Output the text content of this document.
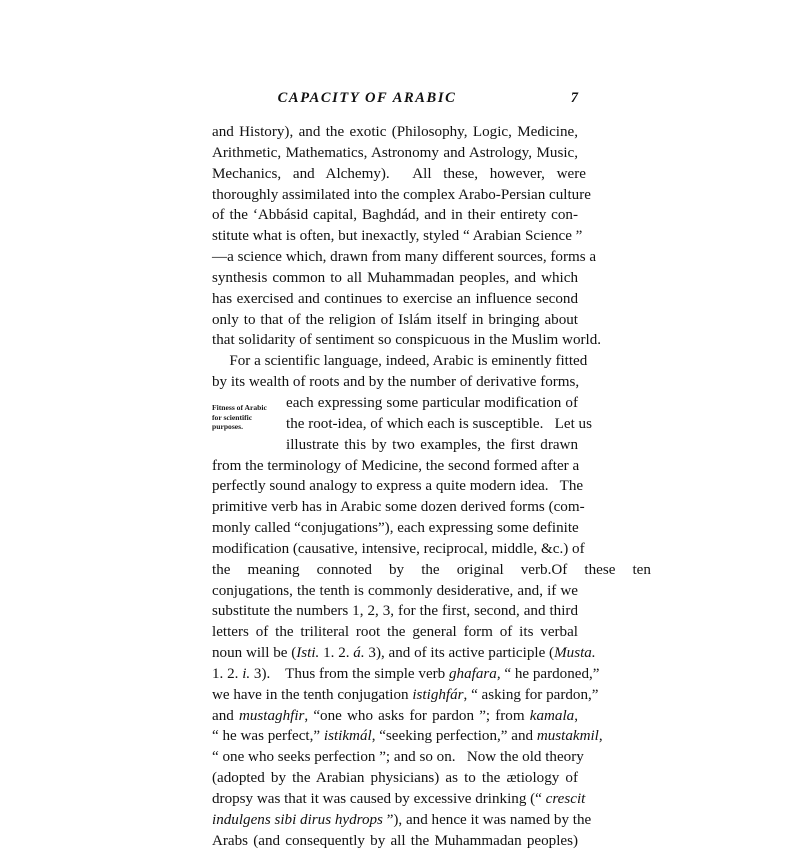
CAPACITY OF ARABIC	7

and History), and the exotic (Philosophy, Logic, Medicine,
Arithmetic, Mathematics, Astronomy and Astrology, Music,
Mechanics, and Alchemy).  All these, however, were
thoroughly assimilated into the complex Arabo-Persian culture
of the ‘Abbásid capital, Baghdád, and in their entirety con-
stitute what is often, but inexactly, styled “ Arabian Science ”
—a science which, drawn from many different sources, forms a
synthesis common to all Muhammadan peoples, and which
has exercised and continues to exercise an influence second
only to that of the religion of Islám itself in bringing about
that solidarity of sentiment so conspicuous in the Muslim world.

Fitness of Arabic
for scientific
purposes.
For a scientific language, indeed, Arabic is eminently fitted
by its wealth of roots and by the number of derivative forms,
each expressing some particular modification of
the root-idea, of which each is susceptible.   Let us
illustrate this by two examples, the first drawn
from the terminology of Medicine, the second formed after a
perfectly sound analogy to express a quite modern idea.   The
primitive verb has in Arabic some dozen derived forms (com-
monly called “conjugations”), each expressing some definite
modification (causative, intensive, reciprocal, middle, &c.) of
the meaning connoted by the original verb. Of these ten
conjugations, the tenth is commonly desiderative, and, if we
substitute the numbers 1, 2, 3, for the first, second, and third
letters of the triliteral root the general form of its verbal
noun will be (Isti. 1. 2. á. 3), and of its active participle (Musta.
1. 2. i. 3).    Thus from the simple verb ghafara, “ he pardoned,”
we have in the tenth conjugation istighfár, “ asking for pardon,”
and mustaghfir, “one who asks for pardon ”; from kamala,
“ he was perfect,” istikmál, “seeking perfection,” and mustakmil,
“ one who seeks perfection ”; and so on.   Now the old theory
(adopted by the Arabian physicians) as to the ætiology of
dropsy was that it was caused by excessive drinking (“ crescit
indulgens sibi dirus hydrops ”), and hence it was named by the
Arabs (and consequently by all the Muhammadan peoples)
